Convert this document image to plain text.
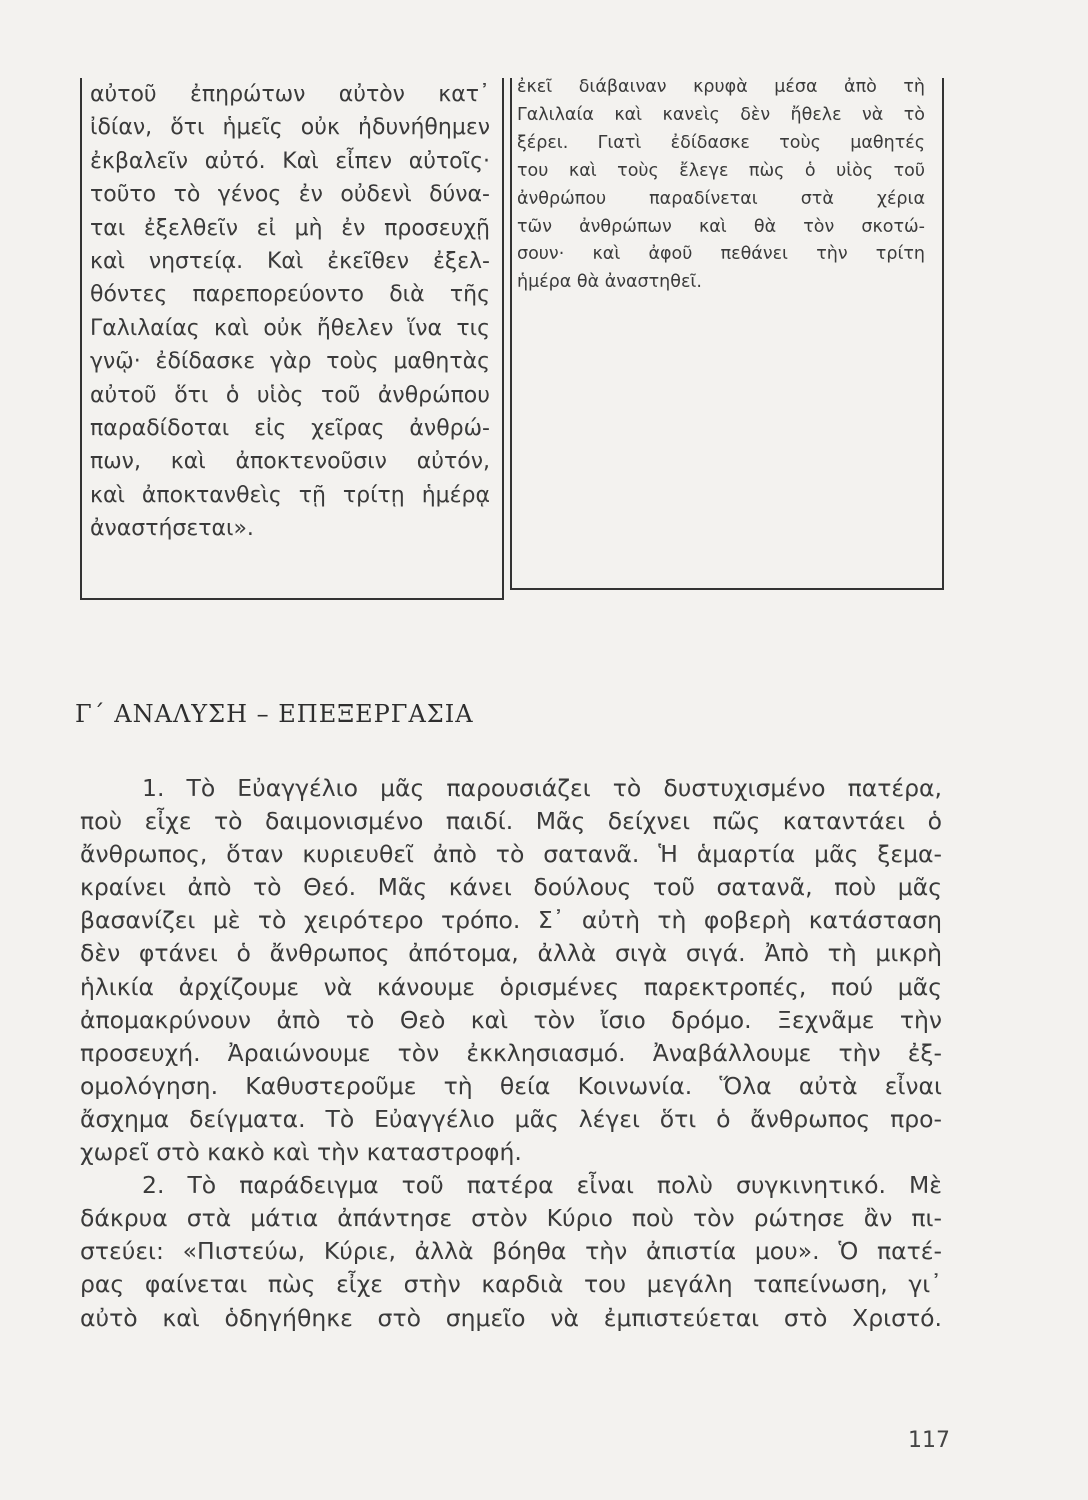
αὐτοῦ ἐπηρώτων αὐτὸν κατ᾽
ἰδίαν, ὅτι ἡμεῖς οὐκ ἠδυνήθημεν
ἐκβαλεῖν αὐτό. Καὶ εἶπεν αὐτοῖς·
τοῦτο τὸ γένος ἐν οὐδενὶ δύνα-
ται ἐξελθεῖν εἰ μὴ ἐν προσευχῇ
καὶ νηστείᾳ. Καὶ ἐκεῖθεν ἐξελ-
θόντες παρεπορεύοντο διὰ τῆς
Γαλιλαίας καὶ οὐκ ἤθελεν ἵνα τις
γνῷ· ἐδίδασκε γὰρ τοὺς μαθητὰς
αὐτοῦ ὅτι ὁ υἱὸς τοῦ ἀνθρώπου
παραδίδοται εἰς χεῖρας ἀνθρώ-
πων, καὶ ἀποκτενοῦσιν αὐτόν,
καὶ ἀποκτανθεὶς τῇ τρίτῃ ἡμέρᾳ
ἀναστήσεται».
ἐκεῖ διάβαιναν κρυφὰ μέσα ἀπὸ τὴ
Γαλιλαία καὶ κανεὶς δὲν ἤθελε νὰ τὸ
ξέρει. Γιατὶ ἐδίδασκε τοὺς μαθητές
του καὶ τοὺς ἔλεγε πὼς ὁ υἱὸς τοῦ
ἀνθρώπου παραδίνεται στὰ χέρια
τῶν ἀνθρώπων καὶ θὰ τὸν σκοτώ-
σουν· καὶ ἀφοῦ πεθάνει τὴν τρίτη
ἡμέρα θὰ ἀναστηθεῖ.
Γ΄ ΑΝΑΛΥΣΗ – ΕΠΕΞΕΡΓΑΣΙΑ
1. Τὸ Εὐαγγέλιο μᾶς παρουσιάζει τὸ δυστυχισμένο πατέρα,
ποὺ εἶχε τὸ δαιμονισμένο παιδί. Μᾶς δείχνει πῶς καταντάει ὁ
ἄνθρωπος, ὅταν κυριευθεῖ ἀπὸ τὸ σατανᾶ. Ἡ ἁμαρτία μᾶς ξεμα-
κραίνει ἀπὸ τὸ Θεό. Μᾶς κάνει δούλους τοῦ σατανᾶ, ποὺ μᾶς
βασανίζει μὲ τὸ χειρότερο τρόπο. Σ᾽ αὐτὴ τὴ φοβερὴ κατάσταση
δὲν φτάνει ὁ ἄνθρωπος ἀπότομα, ἀλλὰ σιγὰ σιγά. Ἀπὸ τὴ μικρὴ
ἡλικία ἀρχίζουμε νὰ κάνουμε ὁρισμένες παρεκτροπές, πού μᾶς
ἀπομακρύνουν ἀπὸ τὸ Θεὸ καὶ τὸν ἴσιο δρόμο. Ξεχνᾶμε τὴν
προσευχή. Ἀραιώνουμε τὸν ἐκκλησιασμό. Ἀναβάλλουμε τὴν ἐξ-
ομολόγηση. Καθυστεροῦμε τὴ θεία Κοινωνία. Ὅλα αὐτὰ εἶναι
ἄσχημα δείγματα. Τὸ Εὐαγγέλιο μᾶς λέγει ὅτι ὁ ἄνθρωπος προ-
χωρεῖ στὸ κακὸ καὶ τὴν καταστροφή.
2. Τὸ παράδειγμα τοῦ πατέρα εἶναι πολὺ συγκινητικό. Μὲ
δάκρυα στὰ μάτια ἀπάντησε στὸν Κύριο ποὺ τὸν ρώτησε ἂν πι-
στεύει: «Πιστεύω, Κύριε, ἀλλὰ βόηθα τὴν ἀπιστία μου». Ὁ πατέ-
ρας φαίνεται πὼς εἶχε στὴν καρδιὰ του μεγάλη ταπείνωση, γι᾽
αὐτὸ καὶ ὁδηγήθηκε στὸ σημεῖο νὰ ἐμπιστεύεται στὸ Χριστό.
117
